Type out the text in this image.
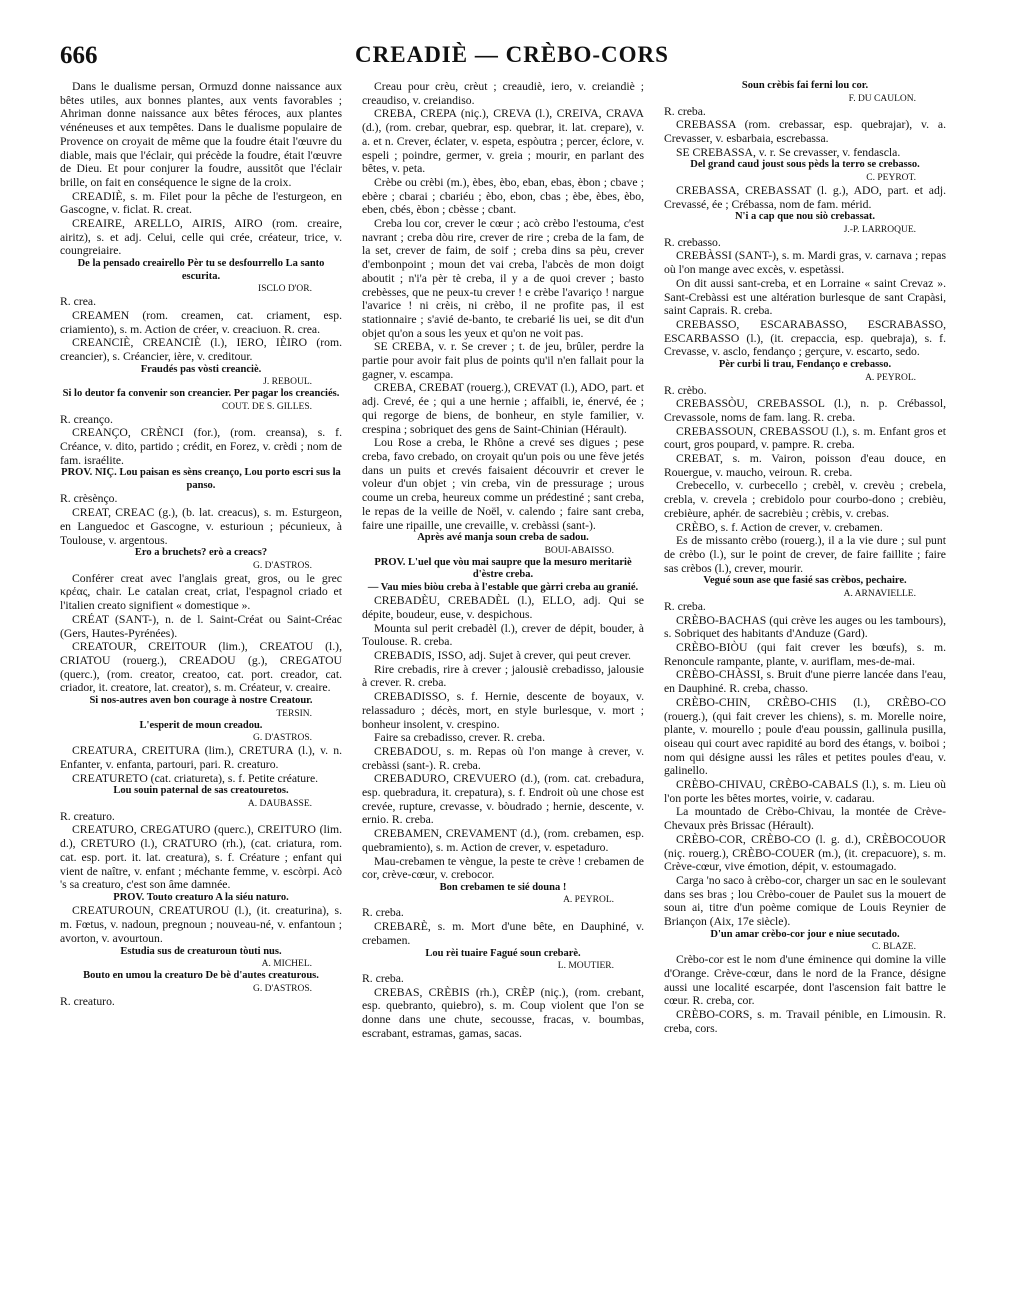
666	CREADIÈ — CRÈBO-CORS

Dans le dualisme persan, Ormuzd donne naissance aux bêtes utiles, aux bonnes plantes, aux vents favorables ; Ahriman donne naissance aux bêtes féroces, aux plantes vénéneuses et aux tempêtes. Dans le dualisme populaire de Provence on croyait de même que la foudre était l'œuvre du diable, mais que l'éclair, qui précède la foudre, était l'œuvre de Dieu. Et pour conjurer la foudre, aussitôt que l'éclair brille, on fait en conséquence le signe de la croix.

CREADIÈ, s. m. Filet pour la pêche de l'esturgeon, en Gascogne, v. ficlat. R. creat.

CREAIRE, ARELLO, AIRIS, AIRO (rom. creaire, airitz), s. et adj. Celui, celle qui crée, créateur, trice, v. coungreiaire.

De la pensado creairello Pèr tu se desfourrello La santo escurita.

ISCLO D'OR.

R. crea.

CREAMEN (rom. creamen, cat. criament, esp. criamiento), s. m. Action de créer, v. creaciuon. R. crea.

CREANCIÈ, CREANCIÈ (l.), IERO, IÈIRO (rom. creancier), s. Créancier, ière, v. creditour.

Fraudés pas vòsti creanciè.

J. REBOUL.

Si lo deutor fa convenir son creancier. Per pagar los creanciés.

COUT. DE S. GILLES.

R. creanço.

CREANÇO, CRÈNCI (for.), (rom. creansa), s. f. Créance, v. dito, partido ; crédit, en Forez, v. crèdi ; nom de fam. israélite.

PROV. NIÇ. Lou paisan es sèns creanço, Lou porto escri sus la panso.

R. crèsènço.

CREAT, CREAC (g.), (b. lat. creacus), s. m. Esturgeon, en Languedoc et Gascogne, v. esturioun ; pécunieux, à Toulouse, v. argentous.

Ero a bruchets? erò a creacs?

G. D'ASTROS.

Conférer creat avec l'anglais great, gros, ou le grec κρέας, chair. Le catalan creat, criat, l'espagnol criado et l'italien creato signifient « domestique ».

CRÉAT (SANT-), n. de l. Saint-Créat ou Saint-Créac (Gers, Hautes-Pyrénées).

CREATOUR, CREITOUR (lim.), CREATOU (l.), CRIATOU (rouerg.), CREADOU (g.), CREGATOU (querc.), (rom. creator, creatoo, cat. port. creador, cat. criador, it. creatore, lat. creator), s. m. Créateur, v. creaire.

Si nos-autres aven bon courage à nostre Creatour.

TERSIN.

L'esperit de moun creadou.

G. D'ASTROS.

CREATURA, CREITURA (lim.), CRETURA (l.), v. n. Enfanter, v. enfanta, partouri, pari. R. creaturo.

CREATURETO (cat. criatureta), s. f. Petite créature.

Lou souin paternal de sas creatouretos.

A. DAUBASSE.

R. creaturo.

CREATURO, CREGATURO (querc.), CREITURO (lim. d.), CRETURO (l.), CRATURO (rh.), (cat. criatura, rom. cat. esp. port. it. lat. creatura), s. f. Créature ; enfant qui vient de naître, v. enfant ; méchante femme, v. escòrpi. Acò 's sa creaturo, c'est son âme damnée.

PROV. Touto creaturo A la siéu naturo.

CREATUROUN, CREATUROU (l.), (it. creaturina), s. m. Fœtus, v. nadoun, pregnoun ; nouveau-né, v. enfantoun ; avorton, v. avourtoun.

Estudia sus de creaturoun tòuti nus.

A. MICHEL.

Bouto en umou la creaturo De bè d'autes creaturous.

G. D'ASTROS.

R. creaturo.

Creau pour crèu, crèut ; creaudiè, iero, v. creiandiè ; creaudiso, v. creiandiso.

CREBA, CREPA (niç.), CREVA (l.), CREIVA, CRAVA (d.), (rom. crebar, quebrar, esp. quebrar, it. lat. crepare), v. a. et n. Crever, éclater, v. espeta, espòutra ; percer, éclore, v. espeli ; poindre, germer, v. greia ; mourir, en parlant des bêtes, v. peta.

Crèbe ou crèbi (m.), èbes, èbo, eban, ebas, èbon ; cbave ; ebère ; cbarai ; cbariéu ; èbo, ebon, cbas ; èbe, èbes, èbo, eben, cbés, èbon ; cbèsse ; cbant.

Creba lou cor, crever le cœur ; acò crèbo l'estouma, c'est navrant ; creba dòu rire, crever de rire ; creba de la fam, de la set, crever de faim, de soif ; creba dins sa pèu, crever d'embonpoint ; moun det vai creba, l'abcès de mon doigt aboutit ; n'i'a pèr tè creba, il y a de quoi crever ; basto crebèsses, que ne peux-tu crever ! e crèbe l'avariço ! nargue l'avarice ! ni crèis, ni crèbo, il ne profite pas, il est stationnaire ; s'avié de-banto, te crebarié lis uei, se dit d'un objet qu'on a sous les yeux et qu'on ne voit pas.

SE CREBA, v. r. Se crever ; t. de jeu, brûler, perdre la partie pour avoir fait plus de points qu'il n'en fallait pour la gagner, v. escampa.

CREBA, CREBAT (rouerg.), CREVAT (l.), ADO, part. et adj. Crevé, ée ; qui a une hernie ; affaibli, ie, énervé, ée ; qui regorge de biens, de bonheur, en style familier, v. crespina ; sobriquet des gens de Saint-Chinian (Hérault).

Lou Rose a creba, le Rhône a crevé ses digues ; pese creba, favo crebado, on croyait qu'un pois ou une fève jetés dans un puits et crevés faisaient découvrir et crever le voleur d'un objet ; vin creba, vin de pressurage ; urous coume un creba, heureux comme un prédestiné ; sant creba, le repas de la veille de Noël, v. calendo ; faire sant creba, faire une ripaille, une crevaille, v. crebàssi (sant-).

Après avé manja soun creba de sadou.

BOUI-ABAISSO.

PROV. L'uel que vòu mai saupre que la mesuro meritariè d'èstre creba.

— Vau mies biòu creba à l'estable que gàrri creba au granié.

CREBADÈU, CREBADÈL (l.), ELLO, adj. Qui se dépite, boudeur, euse, v. despichous.

Mounta sul perit crebadèl (l.), crever de dépit, bouder, à Toulouse. R. creba.

CREBADIS, ISSO, adj. Sujet à crever, qui peut crever.

Rire crebadis, rire à crever ; jalousiè crebadisso, jalousie à crever. R. creba.

CREBADISSO, s. f. Hernie, descente de boyaux, v. relassaduro ; décès, mort, en style burlesque, v. mort ; bonheur insolent, v. crespino.

Faire sa crebadisso, crever. R. creba.

CREBADOU, s. m. Repas où l'on mange à crever, v. crebàssi (sant-). R. creba.

CREBADURO, CREVUERO (d.), (rom. cat. crebadura, esp. quebradura, it. crepatura), s. f. Endroit où une chose est crevée, rupture, crevasse, v. bòudrado ; hernie, descente, v. ernio. R. creba.

CREBAMEN, CREVAMENT (d.), (rom. crebamen, esp. quebramiento), s. m. Action de crever, v. espetaduro.

Mau-crebamen te vèngue, la peste te crève ! crebamen de cor, crève-cœur, v. crebocor.

Bon crebamen te sié douna !

A. PEYROL.

R. creba.

CREBARÈ, s. m. Mort d'une bête, en Dauphiné, v. crebamen.

Lou rèi tuaire Fagué soun crebarè.

L. MOUTIER.

R. creba.

CREBAS, CRÈBIS (rh.), CRÈP (niç.), (rom. crebant, esp. quebranto, quiebro), s. m. Coup violent que l'on se donne dans une chute, secousse, fracas, v. boumbas, escrabant, estramas, gamas, sacas.

Soun crèbis fai ferni lou cor.

F. DU CAULON.

R. creba.

CREBASSA (rom. crebassar, esp. quebrajar), v. a. Crevasser, v. esbarbaia, escrebassa.

SE CREBASSA, v. r. Se crevasser, v. fendascla.

Del grand caud joust sous pèds la terro se crebasso.

C. PEYROT.

CREBASSA, CREBASSAT (l. g.), ADO, part. et adj. Crevassé, ée ; Crébassa, nom de fam. mérid.

N'i a cap que nou siò crebassat.

J.-P. LARROQUE.

R. crebasso.

CREBÀSSI (SANT-), s. m. Mardi gras, v. carnava ; repas où l'on mange avec excès, v. espetàssi.

On dit aussi sant-creba, et en Lorraine « saint Crevaz ». Sant-Crebàssi est une altération burlesque de sant Crapàsi, saint Caprais. R. creba.

CREBASSO, ESCARABASSO, ESCRABASSO, ESCARBASSO (l.), (it. crepaccia, esp. quebraja), s. f. Crevasse, v. asclo, fendanço ; gerçure, v. escarto, sedo.

Pèr curbi li trau, Fendanço e crebasso.

A. PEYROL.

R. crèbo.

CREBASSÒU, CREBASSOL (l.), n. p. Crébassol, Crevassole, noms de fam. lang. R. creba.

CREBASSOUN, CREBASSOU (l.), s. m. Enfant gros et court, gros poupard, v. pampre. R. creba.

CREBAT, s. m. Vairon, poisson d'eau douce, en Rouergue, v. maucho, veiroun. R. creba.

Crebecello, v. curbecello ; crebèl, v. crevèu ; crebela, crebla, v. crevela ; crebidolo pour courbo-dono ; crebièu, crebièure, aphér. de sacrebièu ; crèbis, v. crebas.

CRÈBO, s. f. Action de crever, v. crebamen.

Es de missanto crèbo (rouerg.), il a la vie dure ; sul punt de crèbo (l.), sur le point de crever, de faire faillite ; faire sas crèbos (l.), crever, mourir.

Vegué soun ase que fasié sas crèbos, pechaire.

A. ARNAVIELLE.

R. creba.

CRÈBO-BACHAS (qui crève les auges ou les tambours), s. Sobriquet des habitants d'Anduze (Gard).

CRÈBO-BIÒU (qui fait crever les bœufs), s. m. Renoncule rampante, plante, v. auriflam, mes-de-mai.

CRÈBO-CHÀSSI, s. Bruit d'une pierre lancée dans l'eau, en Dauphiné. R. creba, chasso.

CRÈBO-CHIN, CRÈBO-CHIS (l.), CRÈBO-CO (rouerg.), (qui fait crever les chiens), s. m. Morelle noire, plante, v. mourello ; poule d'eau poussin, gallinula pusilla, oiseau qui court avec rapidité au bord des étangs, v. boiboi ; nom qui désigne aussi les râles et petites poules d'eau, v. galinello.

CRÈBO-CHIVAU, CRÈBO-CABALS (l.), s. m. Lieu où l'on porte les bêtes mortes, voirie, v. cadarau.

La mountado de Crèbo-Chivau, la montée de Crève-Chevaux près Brissac (Hérault).

CRÈBO-COR, CRÈBO-CO (l. g. d.), CRÈBOCOUOR (niç. rouerg.), CRÈBO-COUER (m.), (it. crepacuore), s. m. Crève-cœur, vive émotion, dépit, v. estoumagado.

Carga 'no saco à crèbo-cor, charger un sac en le soulevant dans ses bras ; lou Crèbo-couer de Paulet sus la mouert de soun ai, titre d'un poème comique de Louis Reynier de Briançon (Aix, 17e siècle).

D'un amar crèbo-cor jour e niue secutado.

C. BLAZE.

Crèbo-cor est le nom d'une éminence qui domine la ville d'Orange. Crève-cœur, dans le nord de la France, désigne aussi une localité escarpée, dont l'ascension fait battre le cœur. R. creba, cor.

CRÈBO-CORS, s. m. Travail pénible, en Limousin. R. creba, cors.
